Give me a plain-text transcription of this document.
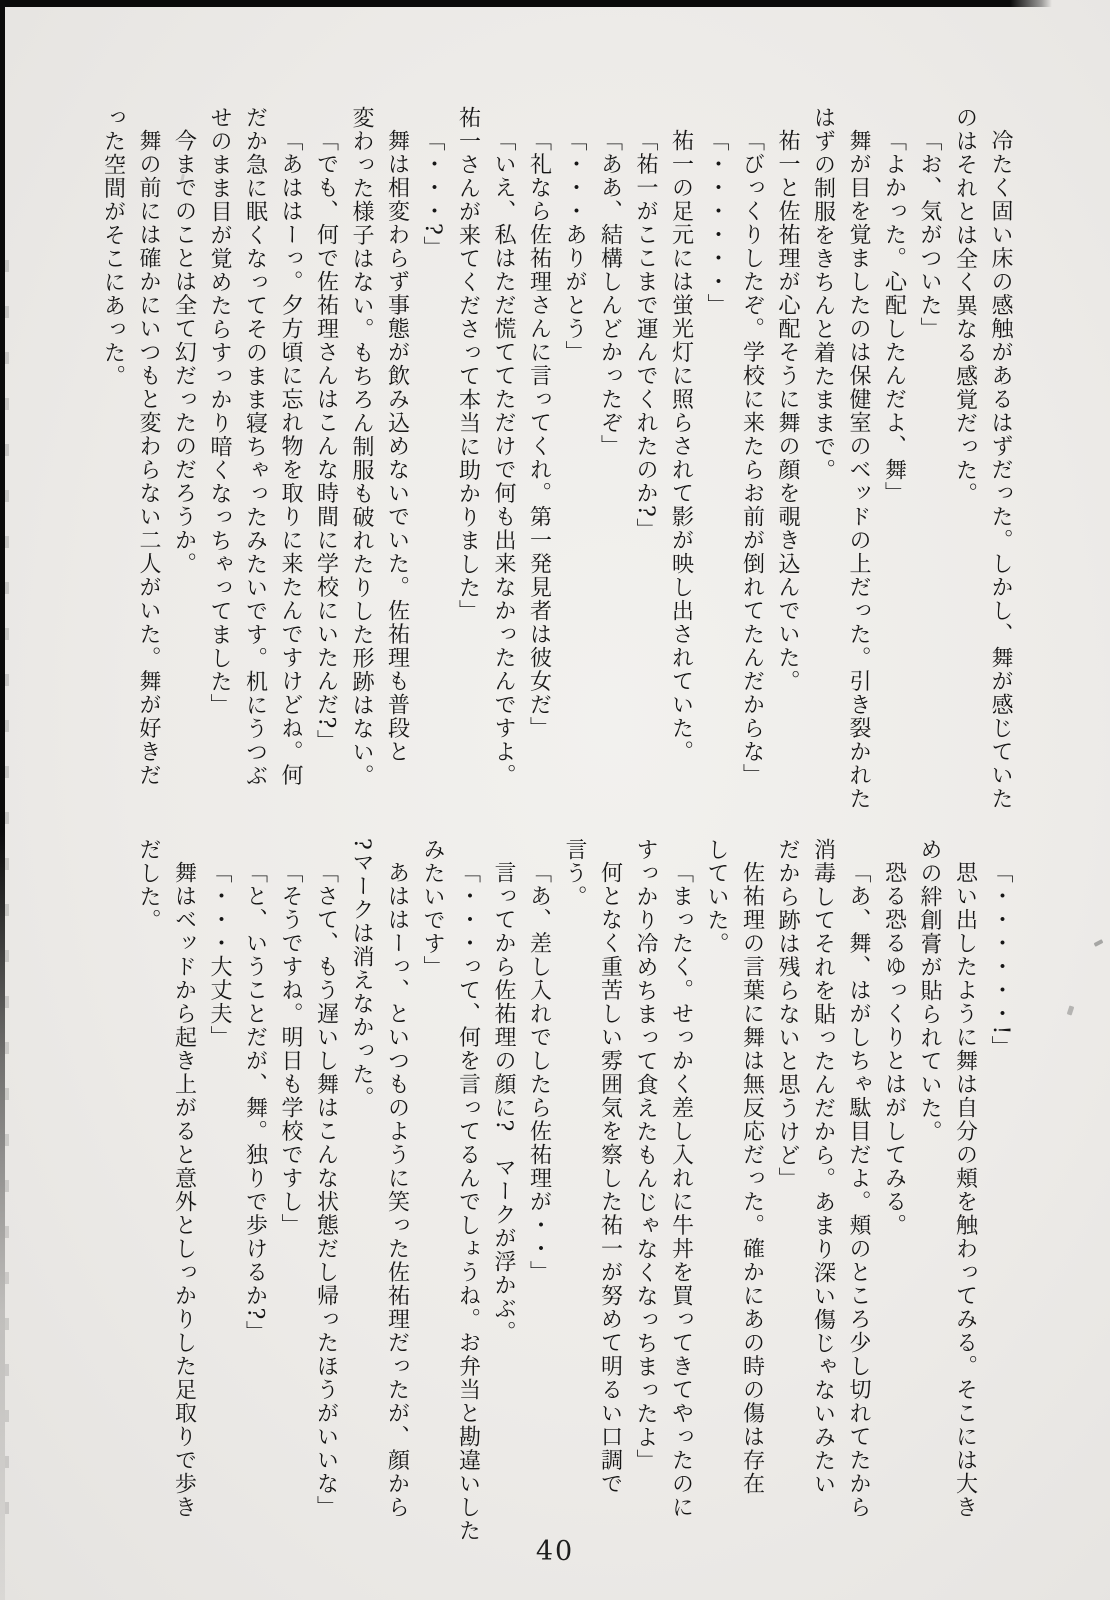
冷たく固い床の感触があるはずだった。しかし、舞が感じていた
のはそれとは全く異なる感覚だった。
「お、気がついた」
「よかった。心配したんだよ、舞」
舞が目を覚ましたのは保健室のベッドの上だった。引き裂かれた
はずの制服をきちんと着たままで。
祐一と佐祐理が心配そうに舞の顔を覗き込んでいた。
「びっくりしたぞ。学校に来たらお前が倒れてたんだからな」
「・・・・・・」
祐一の足元には蛍光灯に照らされて影が映し出されていた。
「祐一がここまで運んでくれたのか?」
「ああ、結構しんどかったぞ」
「・・・ありがとう」
「礼なら佐祐理さんに言ってくれ。第一発見者は彼女だ」
「いえ、私はただ慌ててただけで何も出来なかったんですよ。
祐一さんが来てくださって本当に助かりました」
「・・・?」
舞は相変わらず事態が飲み込めないでいた。佐祐理も普段と
変わった様子はない。もちろん制服も破れたりした形跡はない。
「でも、何で佐祐理さんはこんな時間に学校にいたんだ?」
「あははーっ。夕方頃に忘れ物を取りに来たんですけどね。何
だか急に眠くなってそのまま寝ちゃったみたいです。机にうつぶ
せのまま目が覚めたらすっかり暗くなっちゃってました」
今までのことは全て幻だったのだろうか。
舞の前には確かにいつもと変わらない二人がいた。舞が好きだ
った空間がそこにあった。
「・・・・・・!」
思い出したように舞は自分の頬を触わってみる。そこには大き
めの絆創膏が貼られていた。
恐る恐るゆっくりとはがしてみる。
「あ、舞、はがしちゃ駄目だよ。頬のところ少し切れてたから
消毒してそれを貼ったんだから。あまり深い傷じゃないみたい
だから跡は残らないと思うけど」
佐祐理の言葉に舞は無反応だった。確かにあの時の傷は存在
していた。
「まったく。せっかく差し入れに牛丼を買ってきてやったのに
すっかり冷めちまって食えたもんじゃなくなっちまったよ」
何となく重苦しい雰囲気を察した祐一が努めて明るい口調で
言う。
「あ、差し入れでしたら佐祐理が・・」
言ってから佐祐理の顔に?　マークが浮かぶ。
「・・・って、何を言ってるんでしょうね。お弁当と勘違いした
みたいです」
あははーっ、といつものように笑った佐祐理だったが、顔から
?マークは消えなかった。
「さて、もう遅いし舞はこんな状態だし帰ったほうがいいな」
「そうですね。明日も学校ですし」
「と、いうことだが、舞。独りで歩けるか?」
「・・・大丈夫」
舞はベッドから起き上がると意外としっかりした足取りで歩き
だした。
40
